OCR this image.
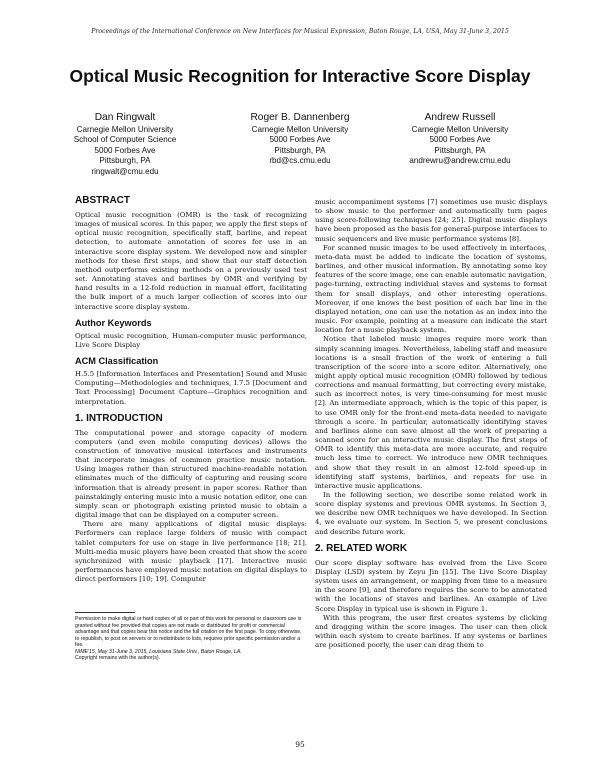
Proceedings of the International Conference on New Interfaces for Musical Expression, Baton Rouge, LA, USA, May 31-June 3, 2015
Optical Music Recognition for Interactive Score Display
Dan Ringwalt
Carnegie Mellon University
School of Computer Science
5000 Forbes Ave
Pittsburgh, PA
ringwalt@cmu.edu
Roger B. Dannenberg
Carnegie Mellon University
5000 Forbes Ave
Pittsburgh, PA
rbd@cs.cmu.edu
Andrew Russell
Carnegie Mellon University
5000 Forbes Ave
Pittsburgh, PA
andrewru@andrew.cmu.edu
ABSTRACT

Optical music recognition (OMR) is the task of recognizing images of musical scores. In this paper, we apply the first steps of optical music recognition, specifically staff, barline, and repeat detection, to automate annotation of scores for use in an interactive score display system. We developed new and simpler methods for these first steps, and show that our staff detection method outperforms existing methods on a previously used test set. Annotating staves and barlines by OMR and verifying by hand results in a 12-fold reduction in manual effort, facilitating the bulk import of a much larger collection of scores into our interactive score display system.

Author Keywords

Optical music recognition, Human-computer music performance, Live Score Display

ACM Classification

H.5.5 [Information Interfaces and Presentation] Sound and Music Computing—Methodologies and techniques, I.7.5 [Document and Text Processing] Document Capture—Graphics recognition and interpretation.

1. INTRODUCTION

The computational power and storage capacity of modern computers (and even mobile computing devices) allows the construction of innovative musical interfaces and instruments that incorporate images of common practice music notation. Using images rather than structured machine-readable notation eliminates much of the difficulty of capturing and reusing score information that is already present in paper scores. Rather than painstakingly entering music into a music notation editor, one can simply scan or photograph existing printed music to obtain a digital image that can be displayed on a computer screen.

There are many applications of digital music displays: Performers can replace large folders of music with compact tablet computers for use on stage in live performance [18; 21]. Multi-media music players have been created that show the score synchronized with music playback [17]. Interactive music performances have employed music notation on digital displays to direct performers [10; 19]. Computer

music accompaniment systems [7] sometimes use music displays to show music to the performer and automatically turn pages using score-following techniques [24; 25]. Digital music displays have been proposed as the basis for general-purpose interfaces to music sequencers and live music performance systems [8].

For scanned music images to be used effectively in interfaces, meta-data must be added to indicate the location of systems, barlines, and other musical information. By annotating some key features of the score image, one can enable automatic navigation, page-turning, extracting individual staves and systems to format them for small displays, and other interesting operations. Moreover, if one knows the best position of each bar line in the displayed notation, one can use the notation as an index into the music. For example, pointing at a measure can indicate the start location for a music playback system.

Notice that labeled music images require more work than simply scanning images. Nevertheless, labeling staff and measure locations is a small fraction of the work of entering a full transcription of the score into a score editor. Alternatively, one might apply optical music recognition (OMR) followed by tedious corrections and manual formatting, but correcting every mistake, such as incorrect notes, is very time-consuming for most music [2]. An intermediate approach, which is the topic of this paper, is to use OMR only for the front-end meta-data needed to navigate through a score. In particular, automatically identifying staves and barlines alone can save almost all the work of preparing a scanned score for an interactive music display. The first steps of OMR to identify this meta-data are more accurate, and require much less time to correct. We introduce new OMR techniques and show that they result in an almost 12-fold speed-up in identifying staff systems, barlines, and repeats for use in interactive music applications.

In the following section, we describe some related work in score display systems and previous OMR systems. In Section 3, we describe new OMR techniques we have developed. In Section 4, we evaluate our system. In Section 5, we present conclusions and describe future work.

2. RELATED WORK

Our score display software has evolved from the Live Score Display (LSD) system by Zeyu Jin [15]. The Live Score Display system uses an arrangement, or mapping from time to a measure in the score [9], and therefore requires the score to be annotated with the locations of staves and barlines. An example of Live Score Display in typical use is shown in Figure 1.

With this program, the user first creates systems by clicking and dragging within the score images. The user can then click within each system to create barlines. If any systems or barlines are positioned poorly, the user can drag them to

Permission to make digital or hard copies of all or part of this work for personal or classroom use is granted without fee provided that copies are not made or distributed for profit or commercial advantage and that copies bear this notice and the full citation on the first page. To copy otherwise, to republish, to post on servers or to redistribute to lists, requires prior specific permission and/or a fee.
NIME'15, May 31-June 3, 2015, Louisiana State Univ., Baton Rouge, LA.
Copyright remains with the author(s).
95
